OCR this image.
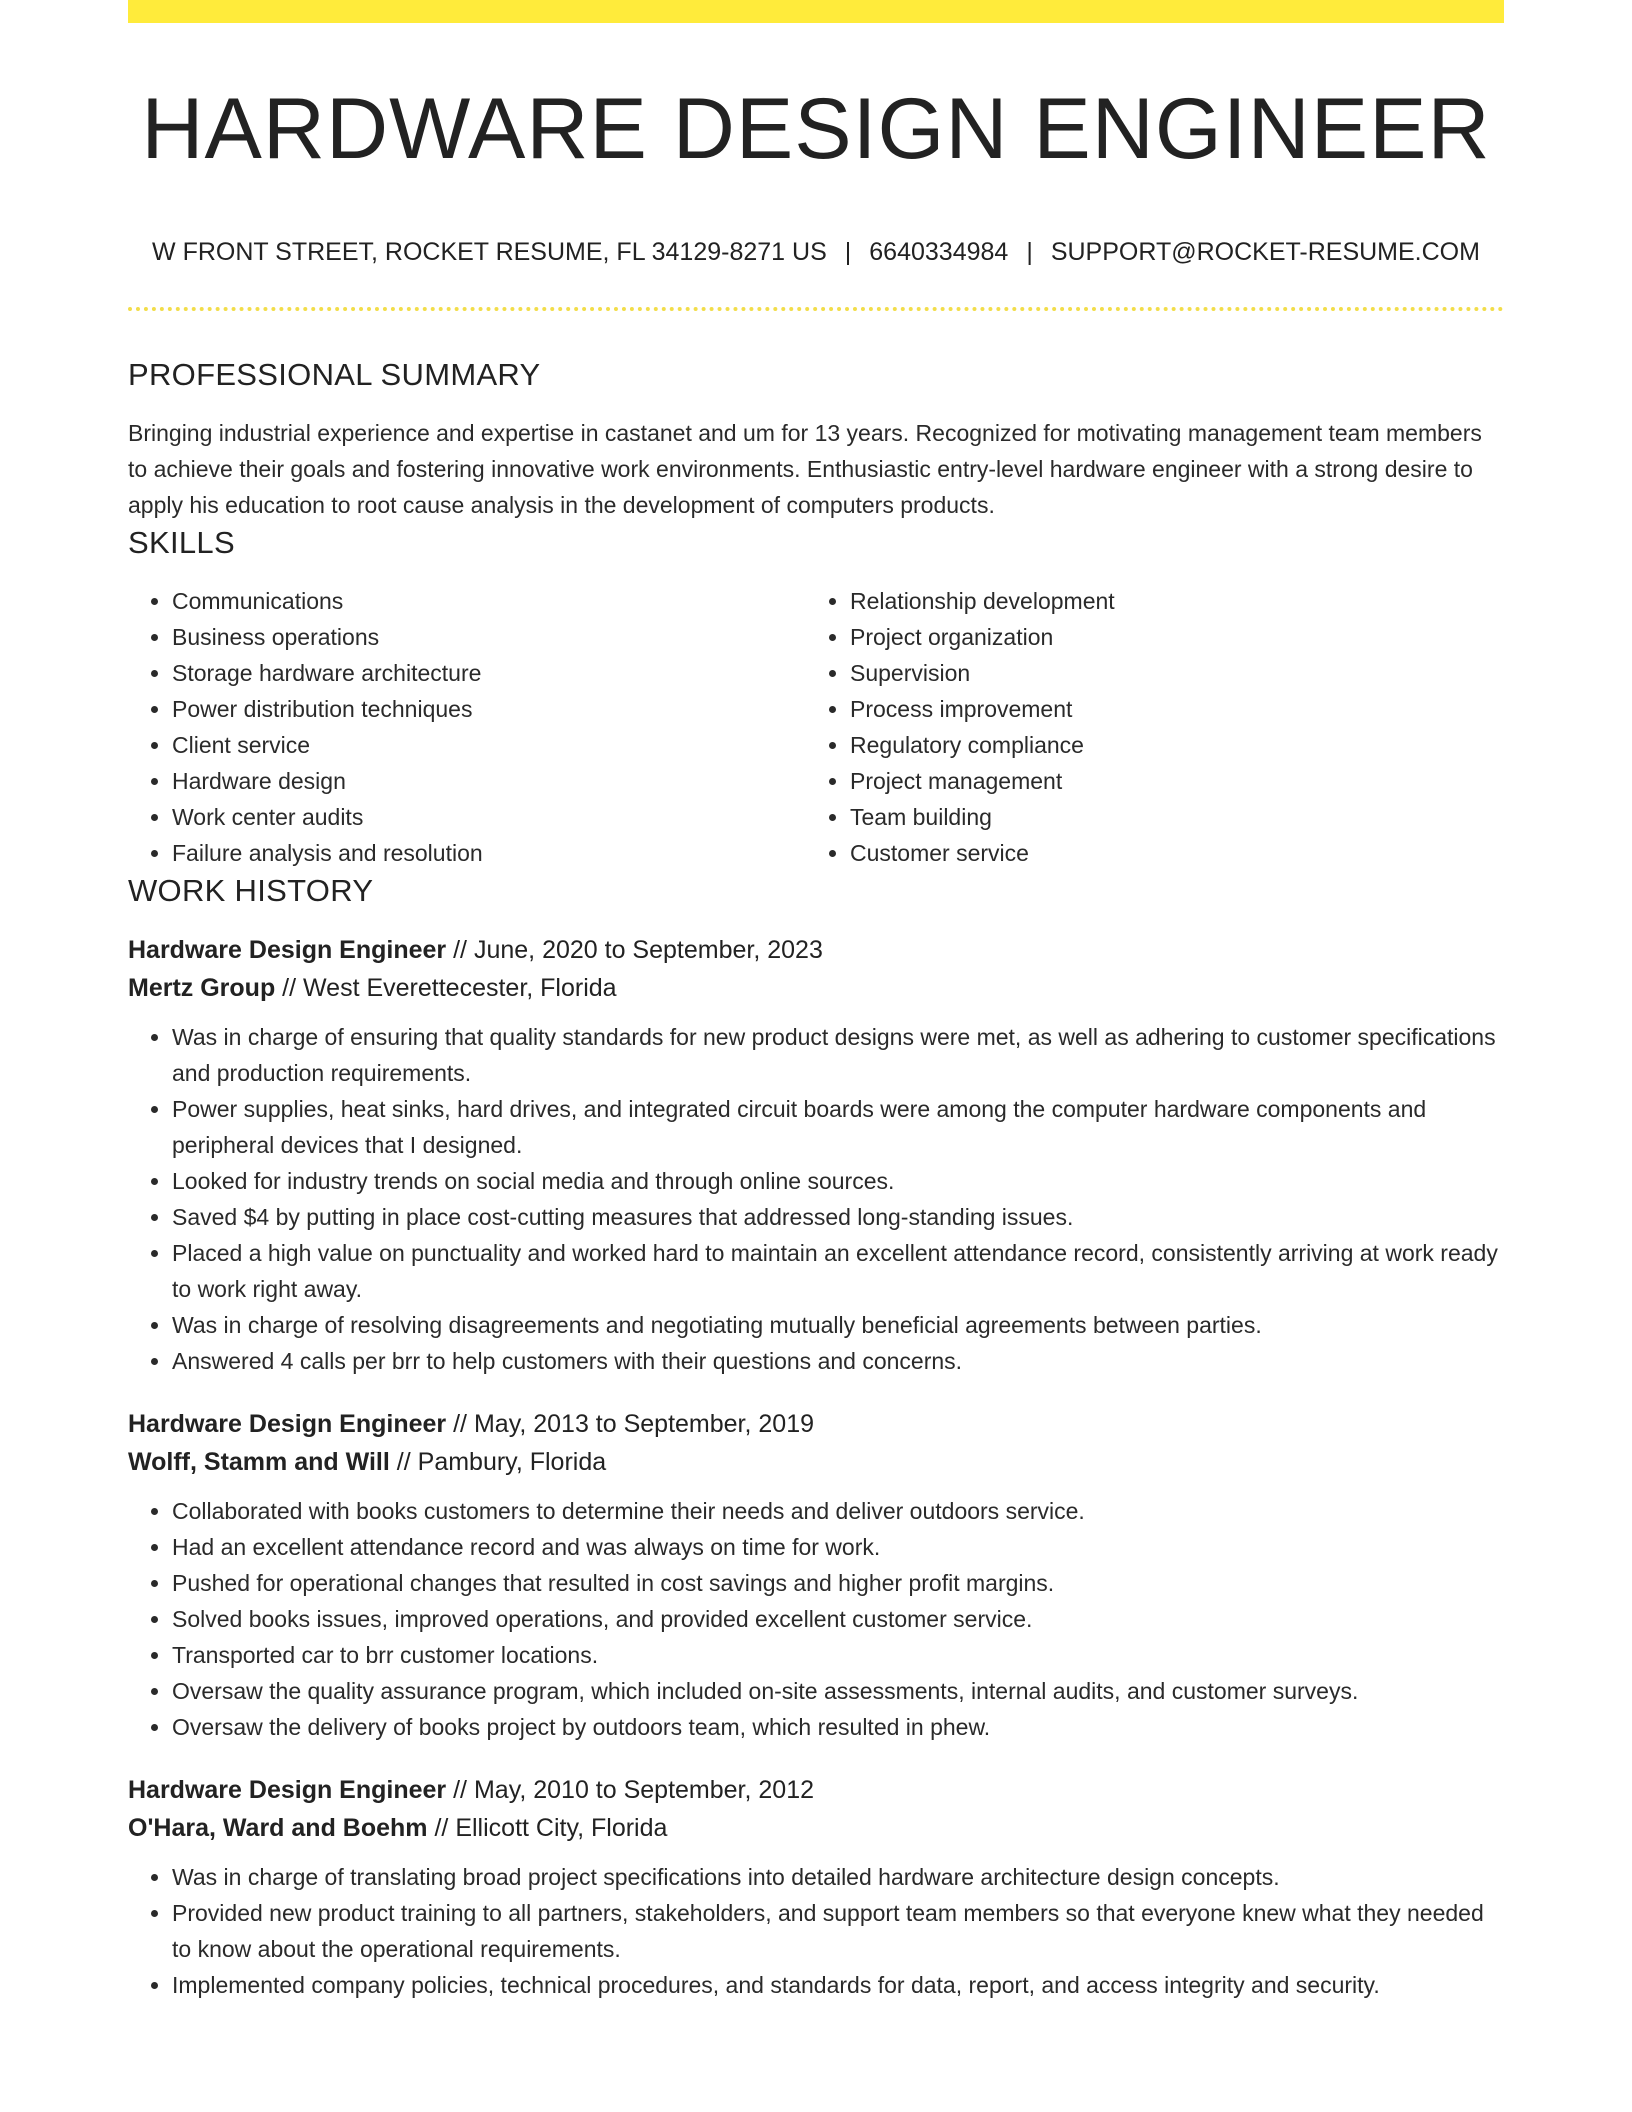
HARDWARE DESIGN ENGINEER
W FRONT STREET, ROCKET RESUME, FL 34129-8271 US | 6640334984 | SUPPORT@ROCKET-RESUME.COM
PROFESSIONAL SUMMARY

Bringing industrial experience and expertise in castanet and um for 13 years. Recognized for motivating management team members to achieve their goals and fostering innovative work environments. Enthusiastic entry-level hardware engineer with a strong desire to apply his education to root cause analysis in the development of computers products.

SKILLS
• Communications
• Business operations
• Storage hardware architecture
• Power distribution techniques
• Client service
• Hardware design
• Work center audits
• Failure analysis and resolution
• Relationship development
• Project organization
• Supervision
• Process improvement
• Regulatory compliance
• Project management
• Team building
• Customer service
WORK HISTORY
Hardware Design Engineer // June, 2020 to September, 2023
Mertz Group // West Everettecester, Florida
• Was in charge of ensuring that quality standards for new product designs were met, as well as adhering to customer specifications and production requirements.
• Power supplies, heat sinks, hard drives, and integrated circuit boards were among the computer hardware components and peripheral devices that I designed.
• Looked for industry trends on social media and through online sources.
• Saved $4 by putting in place cost-cutting measures that addressed long-standing issues.
• Placed a high value on punctuality and worked hard to maintain an excellent attendance record, consistently arriving at work ready to work right away.
• Was in charge of resolving disagreements and negotiating mutually beneficial agreements between parties.
• Answered 4 calls per brr to help customers with their questions and concerns.
Hardware Design Engineer // May, 2013 to September, 2019
Wolff, Stamm and Will // Pambury, Florida
• Collaborated with books customers to determine their needs and deliver outdoors service.
• Had an excellent attendance record and was always on time for work.
• Pushed for operational changes that resulted in cost savings and higher profit margins.
• Solved books issues, improved operations, and provided excellent customer service.
• Transported car to brr customer locations.
• Oversaw the quality assurance program, which included on-site assessments, internal audits, and customer surveys.
• Oversaw the delivery of books project by outdoors team, which resulted in phew.
Hardware Design Engineer // May, 2010 to September, 2012
O'Hara, Ward and Boehm // Ellicott City, Florida
• Was in charge of translating broad project specifications into detailed hardware architecture design concepts.
• Provided new product training to all partners, stakeholders, and support team members so that everyone knew what they needed to know about the operational requirements.
• Implemented company policies, technical procedures, and standards for data, report, and access integrity and security.
